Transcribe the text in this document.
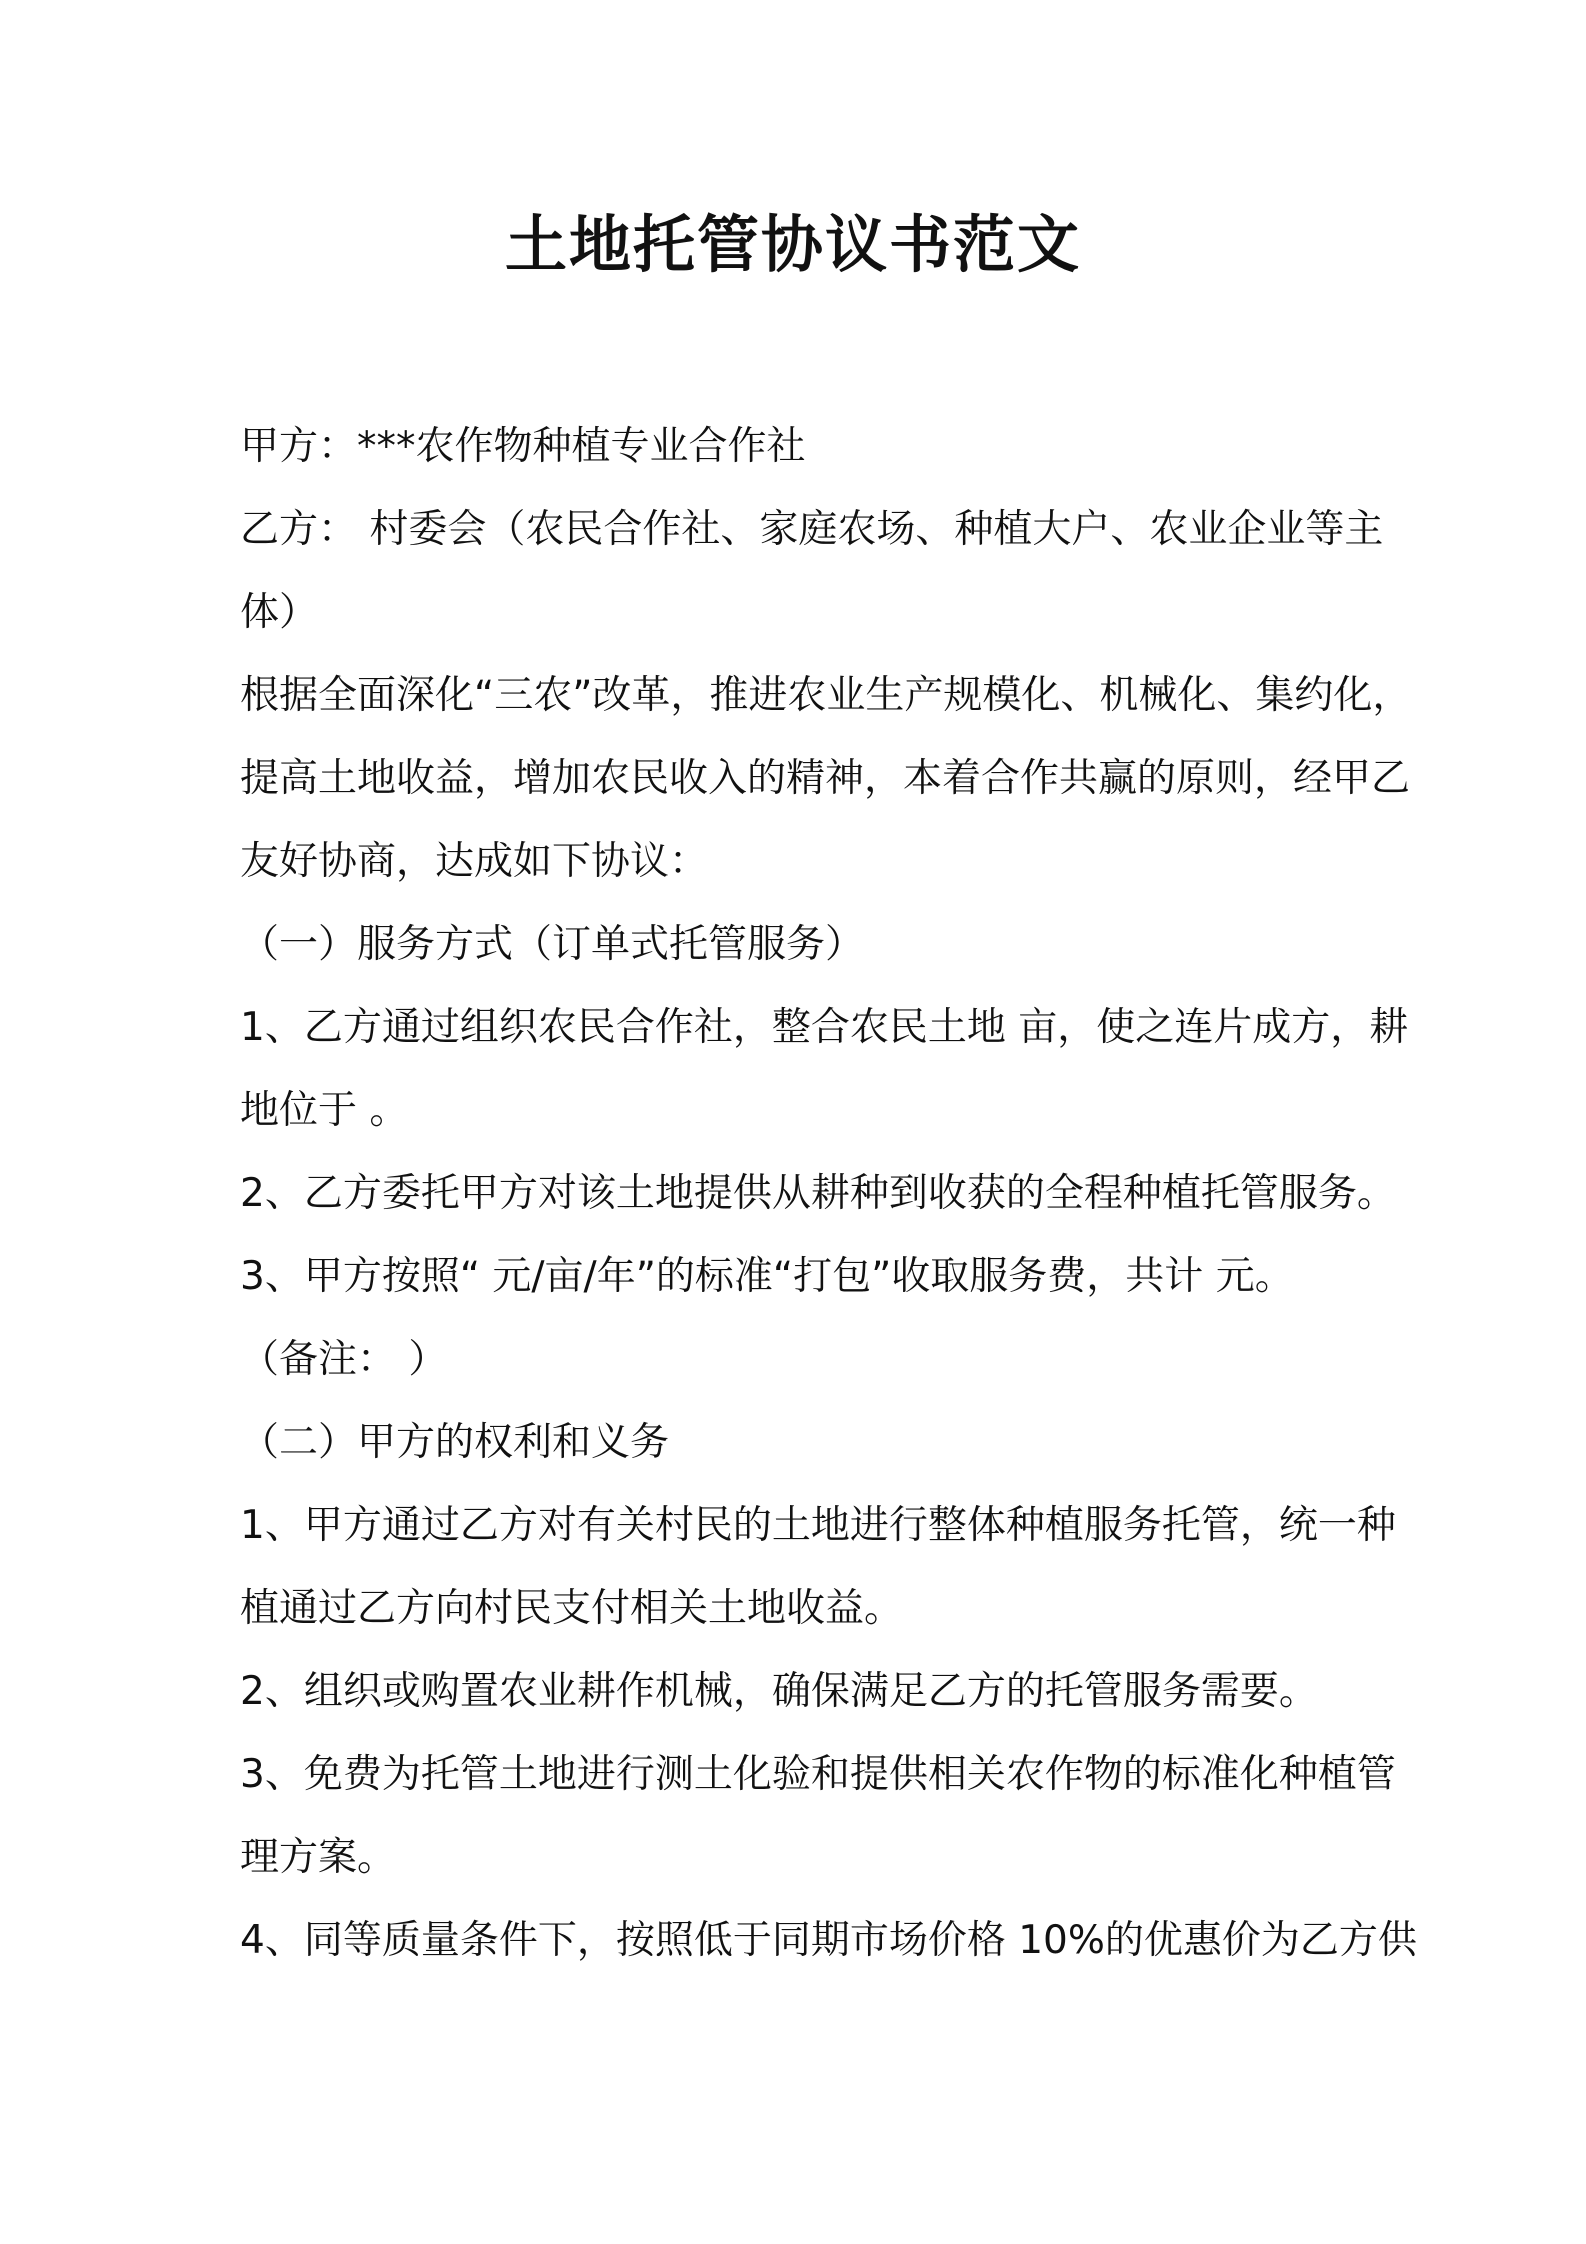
土地托管协议书范文
甲方：***农作物种植专业合作社
乙方： 村委会（农民合作社、家庭农场、种植大户、农业企业等主
体）
根据全面深化“三农”改革，推进农业生产规模化、机械化、集约化，
提高土地收益，增加农民收入的精神，本着合作共赢的原则，经甲乙
友好协商，达成如下协议：
（一）服务方式（订单式托管服务）
1、乙方通过组织农民合作社，整合农民土地 亩，使之连片成方，耕
地位于 。
2、乙方委托甲方对该土地提供从耕种到收获的全程种植托管服务。
3、甲方按照“ 元/亩/年”的标准“打包”收取服务费，共计 元。
（备注： ）
（二）甲方的权利和义务
1、甲方通过乙方对有关村民的土地进行整体种植服务托管，统一种
植通过乙方向村民支付相关土地收益。
2、组织或购置农业耕作机械，确保满足乙方的托管服务需要。
3、免费为托管土地进行测土化验和提供相关农作物的标准化种植管
理方案。
4、同等质量条件下，按照低于同期市场价格 10%的优惠价为乙方供
